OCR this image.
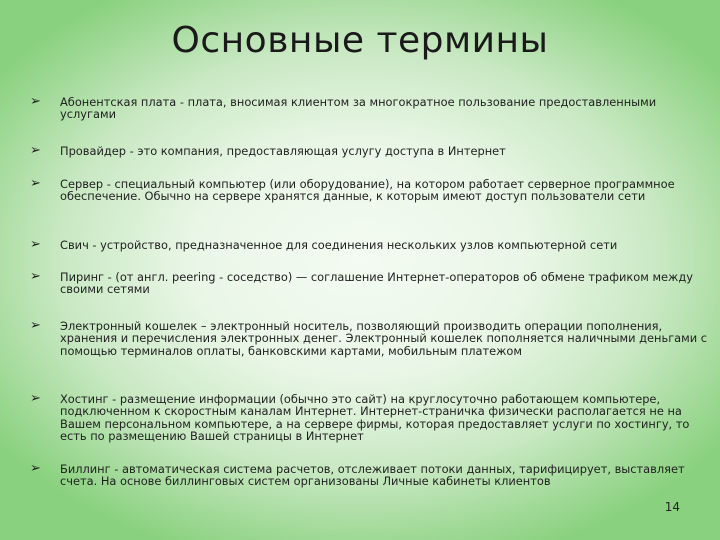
Основные термины
➢	Абонентская плата - плата, вносимая клиентом за многократное пользование предоставленными услугами
➢	Провайдер - это компания, предоставляющая услугу доступа в Интернет
➢	Сервер - специальный компьютер (или оборудование), на котором работает серверное программное обеспечение. Обычно на сервере хранятся данные, к которым имеют доступ пользователи сети
➢	Свич - устройство, предназначенное для соединения нескольких узлов компьютерной сети
➢	Пиринг - (от англ. peering - соседство) — соглашение Интернет-операторов об обмене трафиком между своими сетями
➢	Электронный кошелек – электронный носитель, позволяющий производить операции пополнения, хранения и перечисления электронных денег. Электронный кошелек пополняется наличными деньгами с помощью терминалов оплаты, банковскими картами, мобильным платежом
➢	Хостинг - размещение информации (обычно это сайт) на круглосуточно работающем компьютере, подключенном к скоростным каналам Интернет. Интернет-страничка физически располагается не на Вашем персональном компьютере, а на сервере фирмы, которая предоставляет услуги по хостингу, то есть по размещению Вашей страницы в Интернет
➢	Биллинг - автоматическая система расчетов, отслеживает потоки данных, тарифицирует, выставляет счета. На основе биллинговых систем организованы Личные кабинеты клиентов
14
